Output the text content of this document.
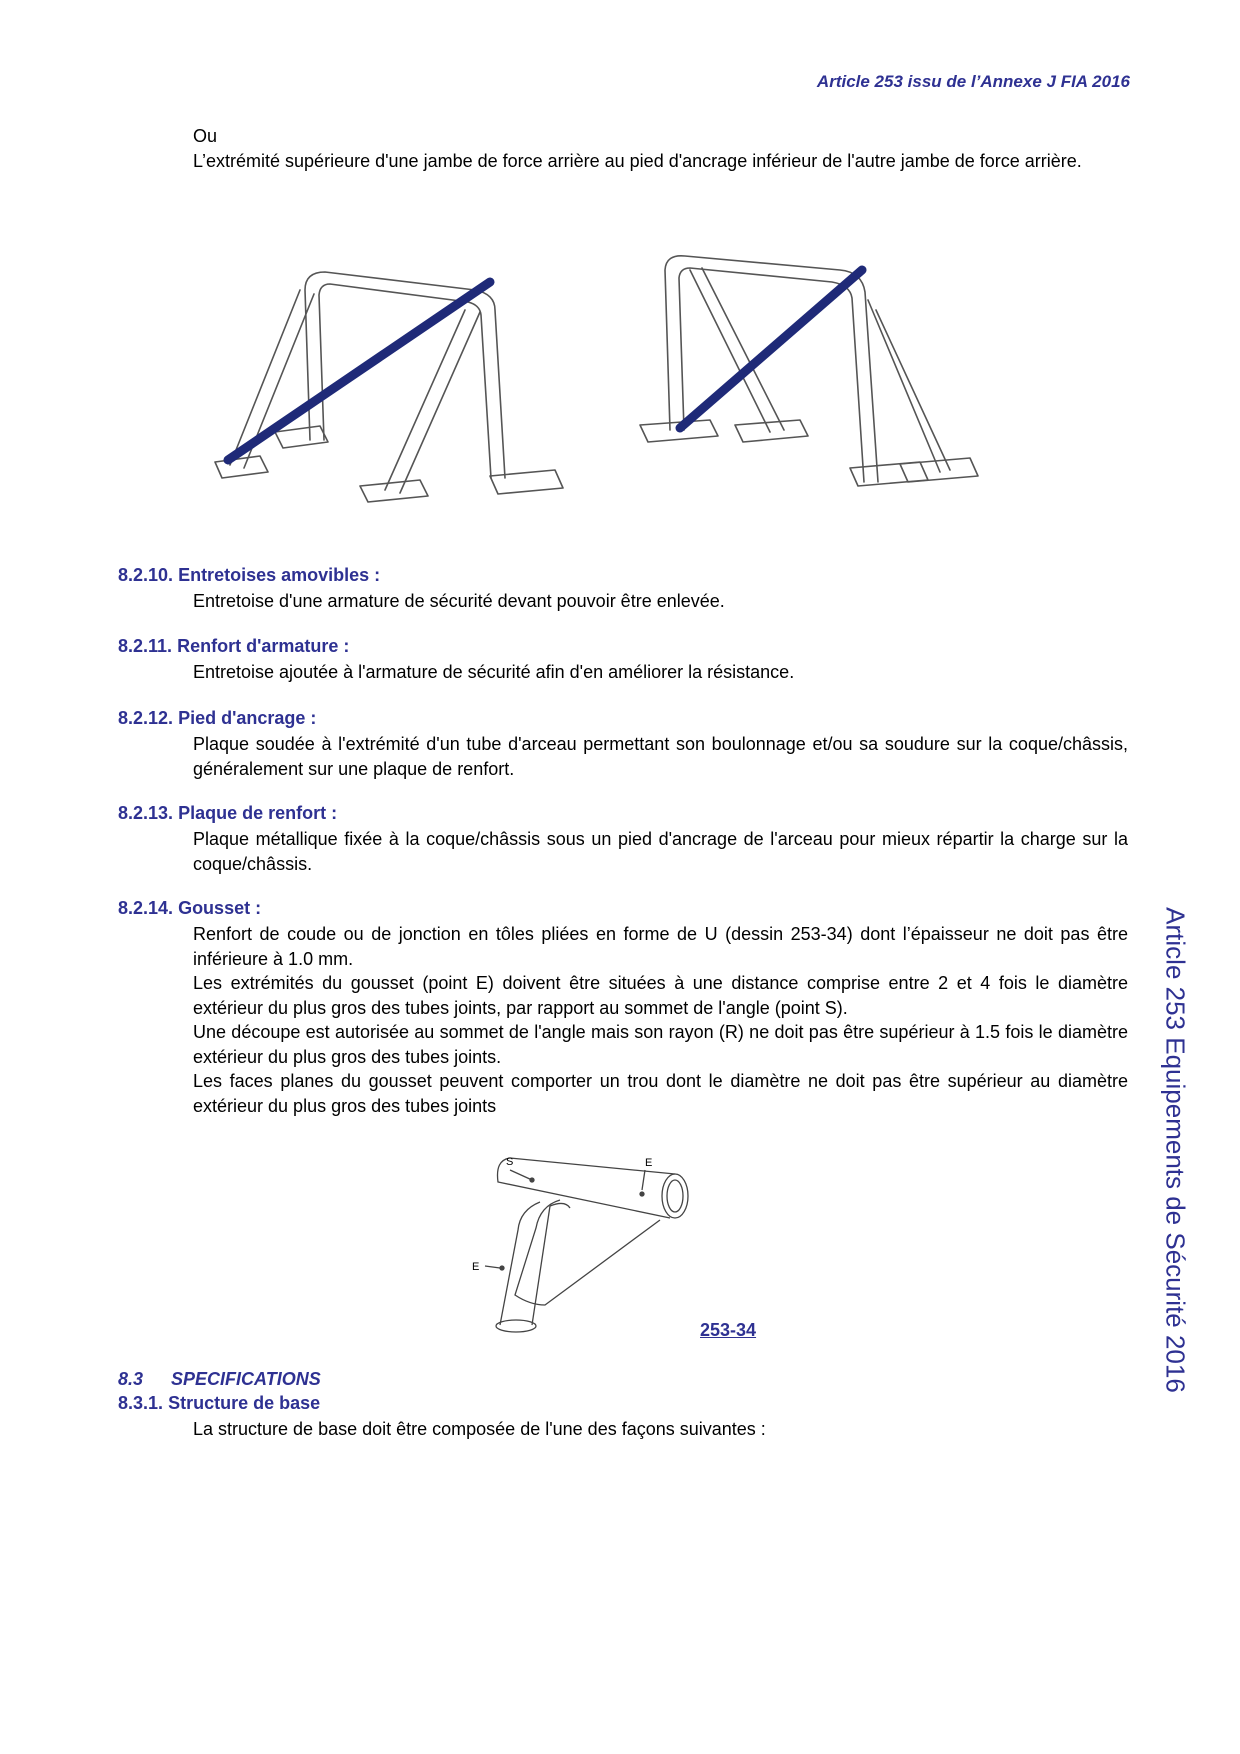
Article 253 issu de l’Annexe J FIA 2016
Article 253 Equipements de Sécurité 2016
Ou
L’extrémité supérieure d'une jambe de force arrière au pied d'ancrage inférieur de l'autre jambe de force arrière.
8.2.10. Entretoises amovibles :
Entretoise d'une armature de sécurité devant pouvoir être enlevée.
8.2.11. Renfort d'armature :
Entretoise ajoutée à l'armature de sécurité afin d'en améliorer la résistance.
8.2.12. Pied d'ancrage :
Plaque soudée à l'extrémité d'un tube d'arceau permettant son boulonnage et/ou sa soudure sur la coque/châssis, généralement sur une plaque de renfort.
8.2.13. Plaque de renfort :
Plaque métallique fixée à la coque/châssis sous un pied d'ancrage de l'arceau pour mieux répartir la charge sur la coque/châssis.
8.2.14. Gousset :
Renfort de coude ou de jonction en tôles pliées en forme de U (dessin 253-34) dont l’épaisseur ne doit pas être inférieure à 1.0 mm.
Les extrémités du gousset (point E) doivent être situées à une distance comprise entre 2 et 4 fois le diamètre extérieur du plus gros des tubes joints, par rapport au sommet de l'angle (point S).
Une découpe est autorisée au sommet de l'angle mais son rayon (R) ne doit pas être supérieur à 1.5 fois le diamètre extérieur du plus gros des tubes joints.
Les faces planes du gousset peuvent comporter un trou dont le diamètre ne doit pas être supérieur au diamètre extérieur du plus gros des tubes joints
S	E
E
253-34
8.3 SPECIFICATIONS
8.3.1. Structure de base
La structure de base doit être composée de l'une des façons suivantes :
